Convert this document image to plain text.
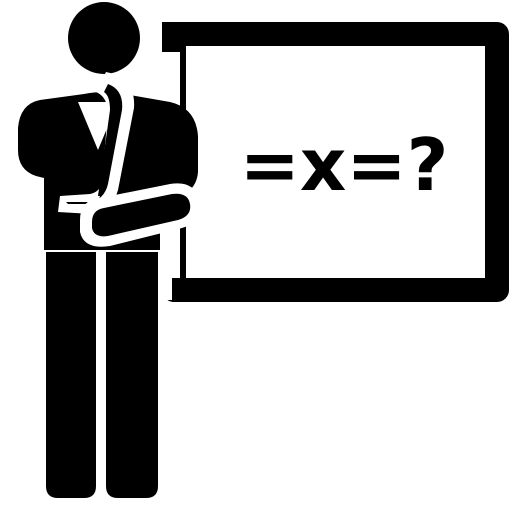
=x=?
